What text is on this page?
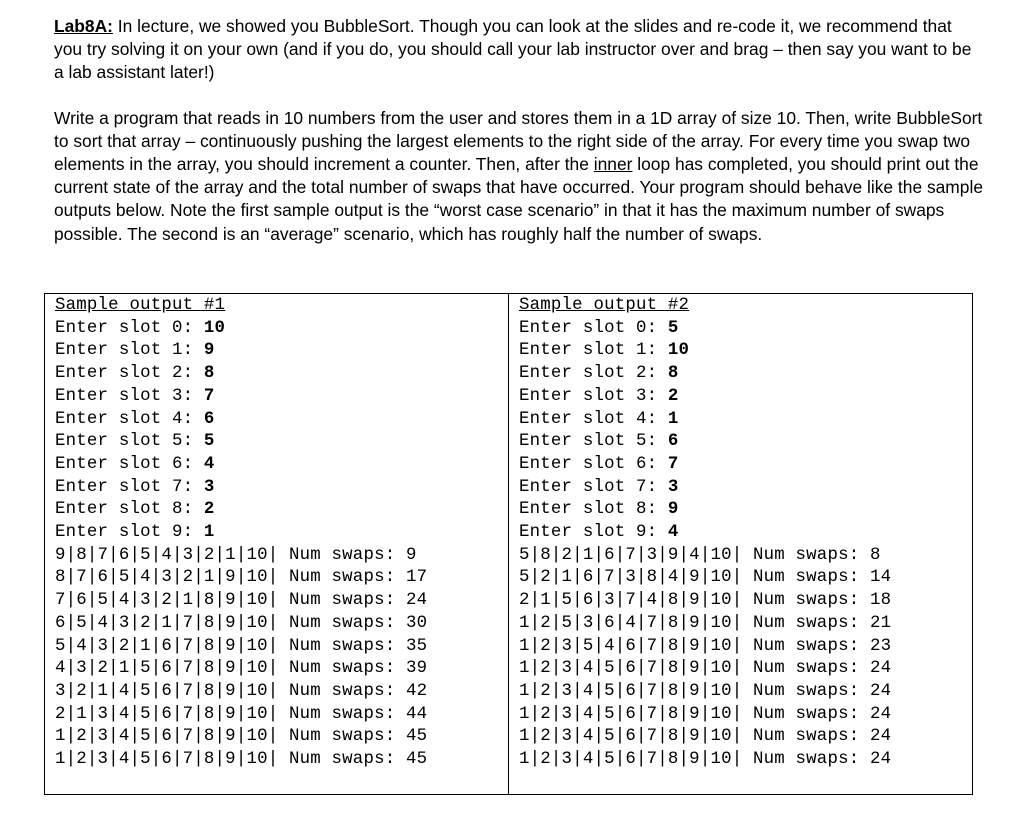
Lab8A: In lecture, we showed you BubbleSort. Though you can look at the slides and re-code it, we recommend that you try solving it on your own (and if you do, you should call your lab instructor over and brag – then say you want to be a lab assistant later!)

Write a program that reads in 10 numbers from the user and stores them in a 1D array of size 10. Then, write BubbleSort to sort that array – continuously pushing the largest elements to the right side of the array. For every time you swap two elements in the array, you should increment a counter. Then, after the inner loop has completed, you should print out the current state of the array and the total number of swaps that have occurred. Your program should behave like the sample outputs below. Note the first sample output is the “worst case scenario” in that it has the maximum number of swaps possible. The second is an “average” scenario, which has roughly half the number of swaps.

Sample output #1
Enter slot 0: 10
Enter slot 1: 9
Enter slot 2: 8
Enter slot 3: 7
Enter slot 4: 6
Enter slot 5: 5
Enter slot 6: 4
Enter slot 7: 3
Enter slot 8: 2
Enter slot 9: 1
9|8|7|6|5|4|3|2|1|10| Num swaps: 9
8|7|6|5|4|3|2|1|9|10| Num swaps: 17
7|6|5|4|3|2|1|8|9|10| Num swaps: 24
6|5|4|3|2|1|7|8|9|10| Num swaps: 30
5|4|3|2|1|6|7|8|9|10| Num swaps: 35
4|3|2|1|5|6|7|8|9|10| Num swaps: 39
3|2|1|4|5|6|7|8|9|10| Num swaps: 42
2|1|3|4|5|6|7|8|9|10| Num swaps: 44
1|2|3|4|5|6|7|8|9|10| Num swaps: 45
1|2|3|4|5|6|7|8|9|10| Num swaps: 45
Sample output #2
Enter slot 0: 5
Enter slot 1: 10
Enter slot 2: 8
Enter slot 3: 2
Enter slot 4: 1
Enter slot 5: 6
Enter slot 6: 7
Enter slot 7: 3
Enter slot 8: 9
Enter slot 9: 4
5|8|2|1|6|7|3|9|4|10| Num swaps: 8
5|2|1|6|7|3|8|4|9|10| Num swaps: 14
2|1|5|6|3|7|4|8|9|10| Num swaps: 18
1|2|5|3|6|4|7|8|9|10| Num swaps: 21
1|2|3|5|4|6|7|8|9|10| Num swaps: 23
1|2|3|4|5|6|7|8|9|10| Num swaps: 24
1|2|3|4|5|6|7|8|9|10| Num swaps: 24
1|2|3|4|5|6|7|8|9|10| Num swaps: 24
1|2|3|4|5|6|7|8|9|10| Num swaps: 24
1|2|3|4|5|6|7|8|9|10| Num swaps: 24
